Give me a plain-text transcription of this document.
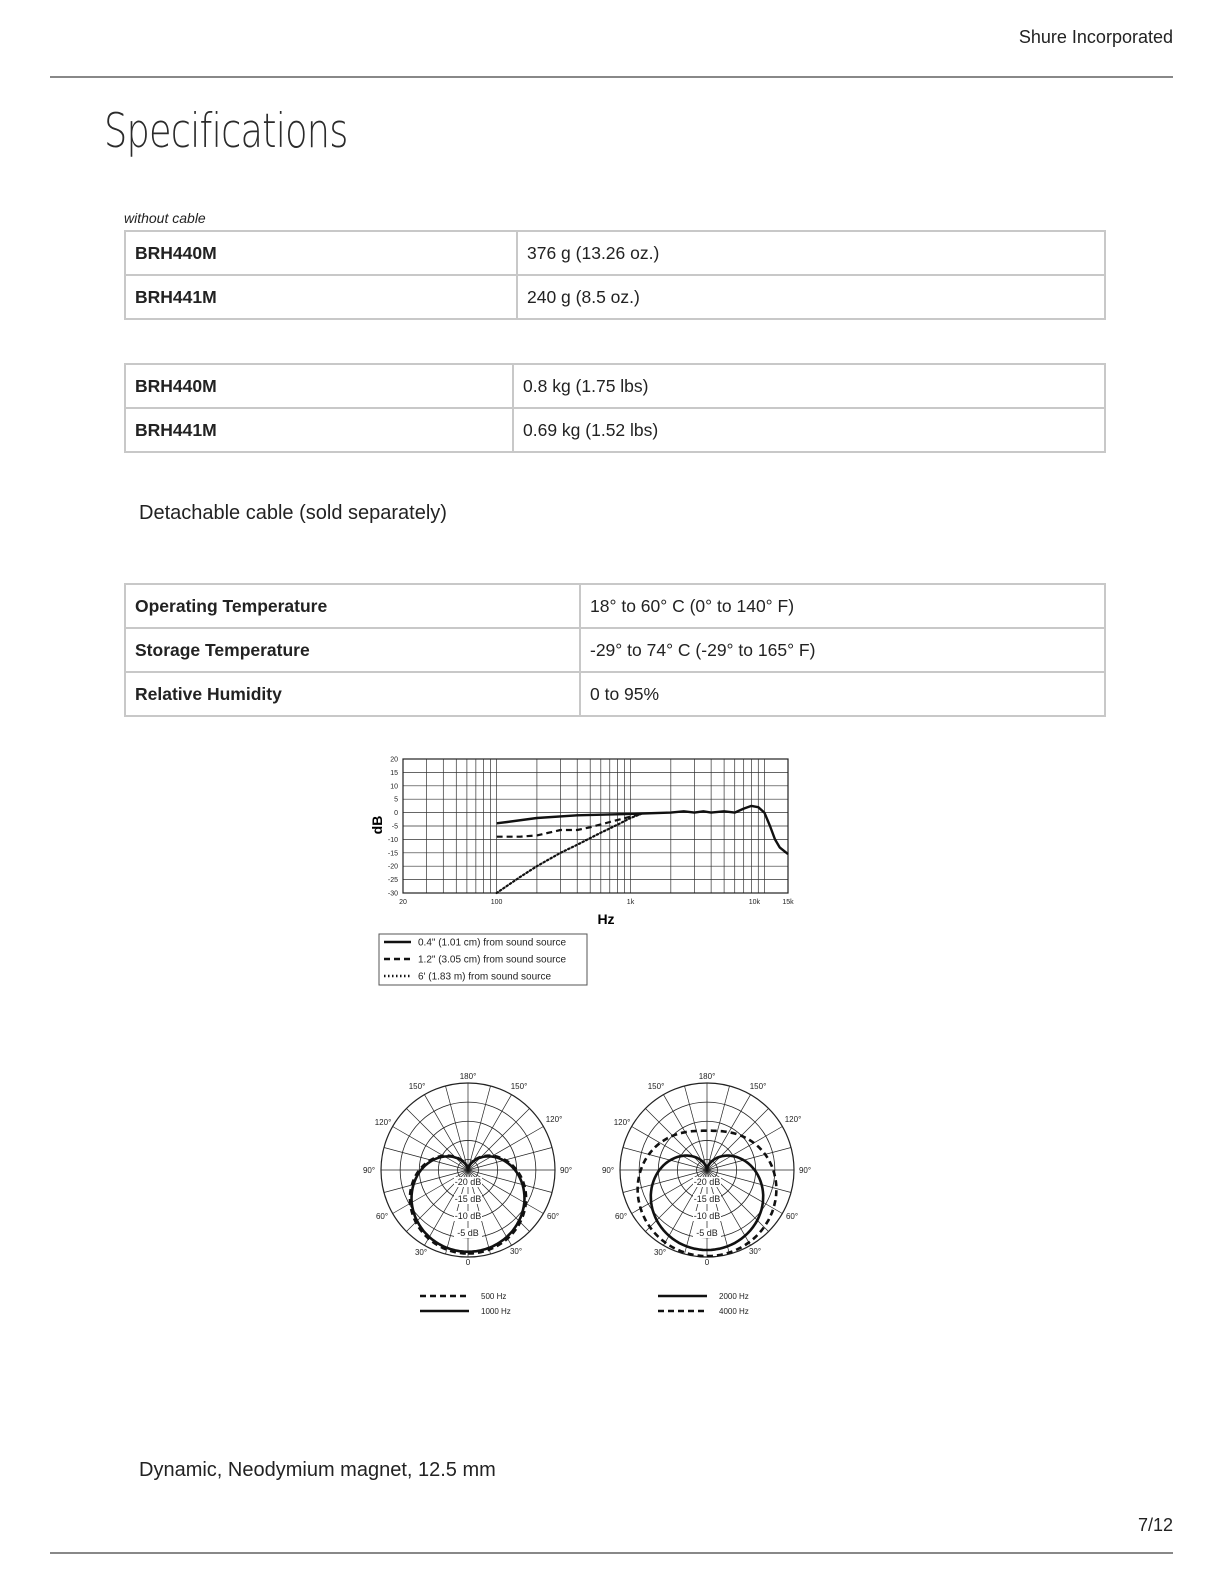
Shure Incorporated
Specifications
without cable
BRH440M	376 g (13.26 oz.)
BRH441M	240 g (8.5 oz.)
BRH440M	0.8 kg (1.75 lbs)
BRH441M	0.69 kg (1.52 lbs)
Detachable cable (sold separately)
Operating Temperature	18° to 60° C (0° to 140° F)
Storage Temperature	-29° to 74° C (-29° to 165° F)
Relative Humidity	0 to 95%
20
15
10
5
0
-5
-10
-15
-20
-25
-30
20	100	1k	10k	15k
dB
Hz
0.4" (1.01 cm) from sound source
1.2" (3.05 cm) from sound source
6' (1.83 m) from sound source
-20 dB
-15 dB
-10 dB
-5 dB
180°
150°	150°
120°	120°
90°	90°
60°	60°
30°	30°
0
500 Hz
1000 Hz
-20 dB
-15 dB
-10 dB
-5 dB
180°
150°	150°
120°	120°
90°	90°
60°	60°
30°	30°
0
2000 Hz
4000 Hz
Dynamic, Neodymium magnet, 12.5 mm
7/12
